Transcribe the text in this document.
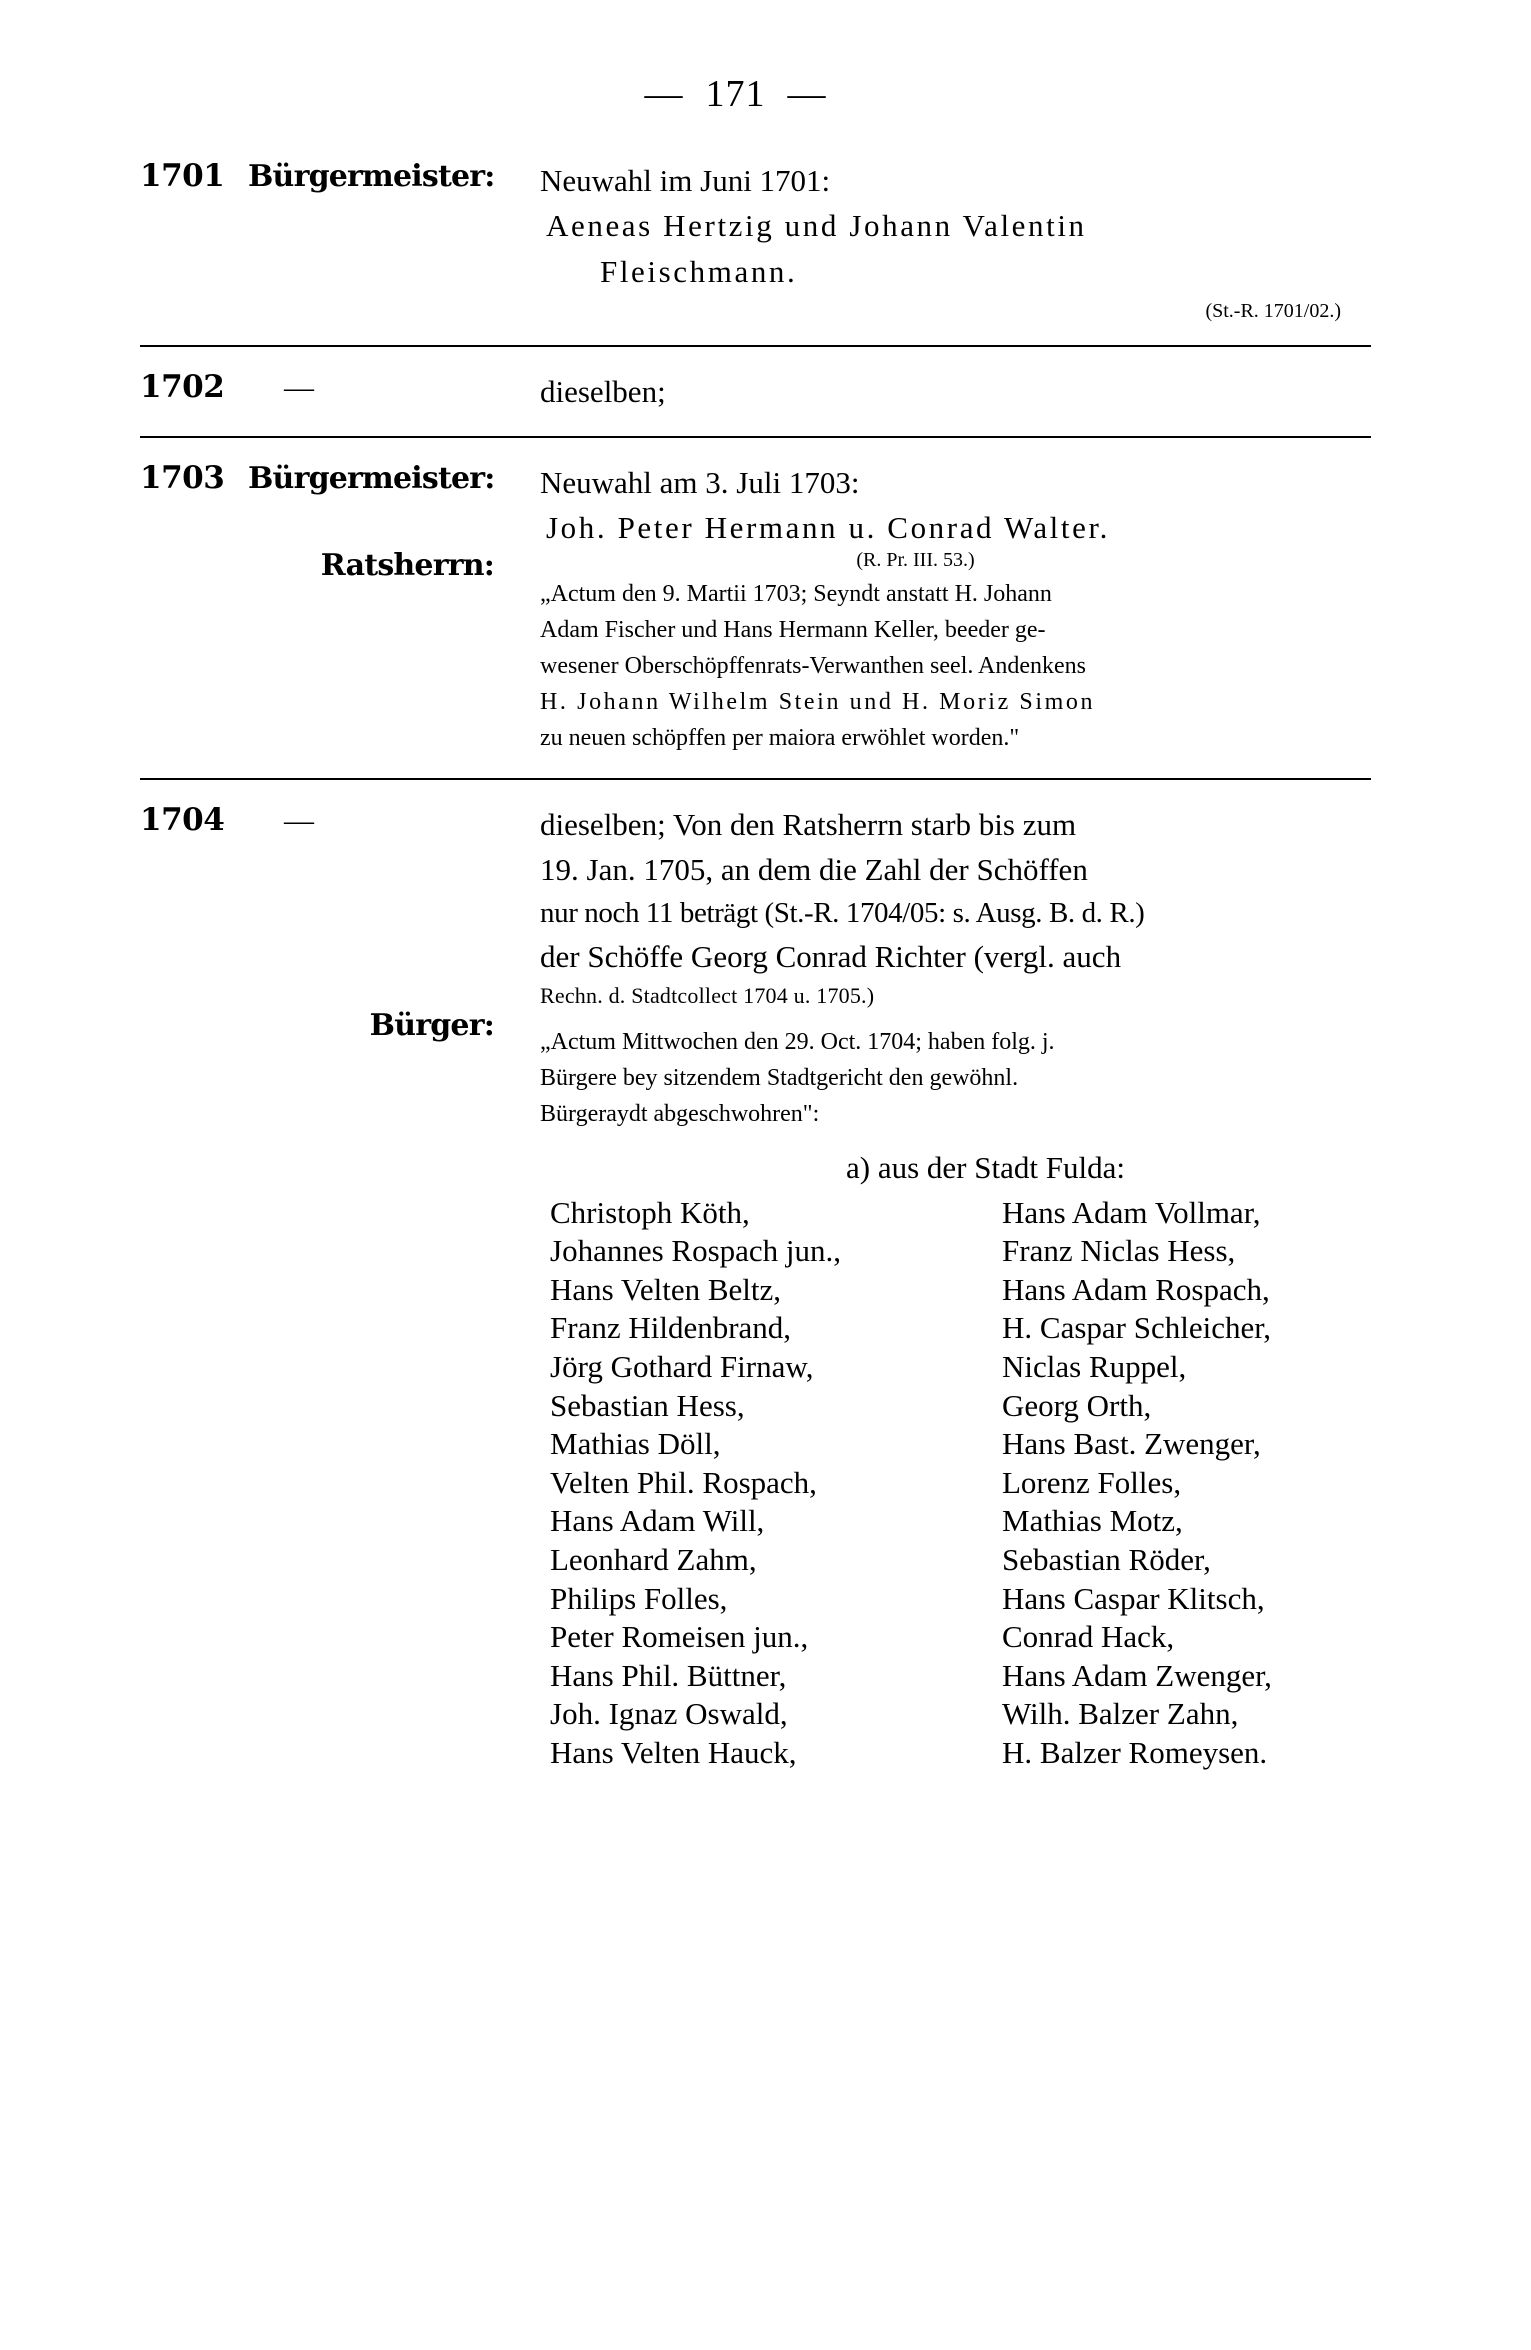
— 171 —
1701 Bürgermeister:	Neuwahl im Juni 1701:
Aeneas Hertzig und Johann Valentin
Fleischmann.
(St.-R. 1701/02.)
1702 —	dieselben;
1703 Bürgermeister:
Ratsherrn:
Neuwahl am 3. Juli 1703:
Joh. Peter Hermann u. Conrad Walter.
(R. Pr. III. 53.)
„Actum den 9. Martii 1703; Seyndt anstatt H. Johann
Adam Fischer und Hans Hermann Keller, beeder ge-
wesener Oberschöpffenrats-Verwanthen seel. Andenkens
H. Johann Wilhelm Stein und H. Moriz Simon
zu neuen schöpffen per maiora erwöhlet worden."
1704 —
Bürger:
dieselben; Von den Ratsherrn starb bis zum
19. Jan. 1705, an dem die Zahl der Schöffen
nur noch 11 beträgt (St.-R. 1704/05: s. Ausg. B. d. R.)
der Schöffe Georg Conrad Richter (vergl. auch
Rechn. d. Stadtcollect 1704 u. 1705.)
„Actum Mittwochen den 29. Oct. 1704; haben folg. j.
Bürgere bey sitzendem Stadtgericht den gewöhnl.
Bürgeraydt abgeschwohren":
a) aus der Stadt Fulda:
Christoph Köth,
Johannes Rospach jun.,
Hans Velten Beltz,
Franz Hildenbrand,
Jörg Gothard Firnaw,
Sebastian Hess,
Mathias Döll,
Velten Phil. Rospach,
Hans Adam Will,
Leonhard Zahm,
Philips Folles,
Peter Romeisen jun.,
Hans Phil. Büttner,
Joh. Ignaz Oswald,
Hans Velten Hauck,
Hans Adam Vollmar,
Franz Niclas Hess,
Hans Adam Rospach,
H. Caspar Schleicher,
Niclas Ruppel,
Georg Orth,
Hans Bast. Zwenger,
Lorenz Folles,
Mathias Motz,
Sebastian Röder,
Hans Caspar Klitsch,
Conrad Hack,
Hans Adam Zwenger,
Wilh. Balzer Zahn,
H. Balzer Romeysen.
